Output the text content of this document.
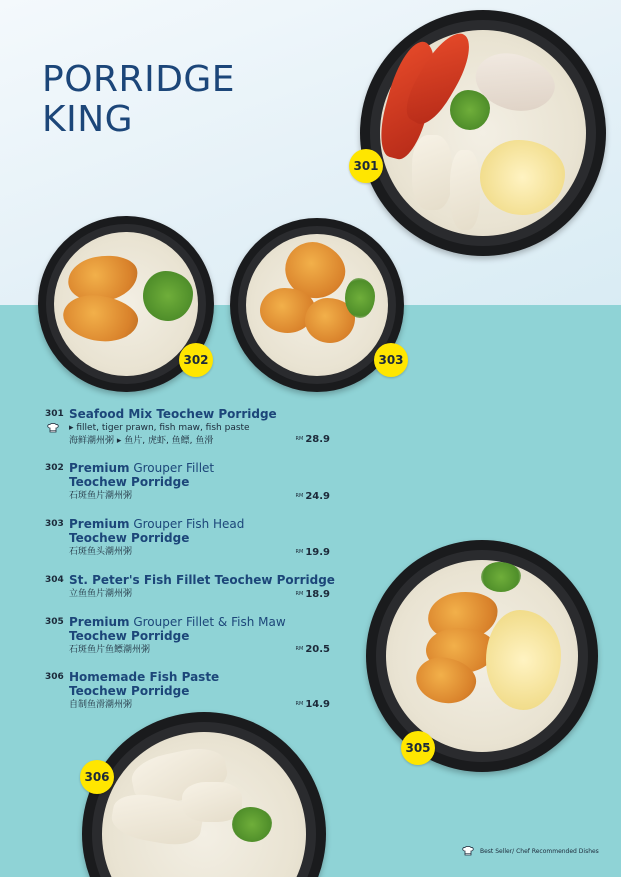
PORRIDGE
KING
301
302	303
305
306
301 Seafood Mix Teochew Porridge
▸ fillet, tiger prawn, fish maw, fish paste
海鲜潮州粥 ▸ 鱼片, 虎虾, 鱼鳔, 鱼滑	RM 28.9
302 Premium Grouper Fillet
Teochew Porridge
石斑鱼片潮州粥	RM 24.9
303 Premium Grouper Fish Head
Teochew Porridge
石斑鱼头潮州粥	RM 19.9
304 St. Peter's Fish Fillet Teochew Porridge
立鱼鱼片潮州粥	RM 18.9
305 Premium Grouper Fillet & Fish Maw
Teochew Porridge
石斑鱼片鱼鳔潮州粥	RM 20.5
306 Homemade Fish Paste
Teochew Porridge
自制鱼滑潮州粥	RM 14.9
Best Seller/ Chef Recommended Dishes
